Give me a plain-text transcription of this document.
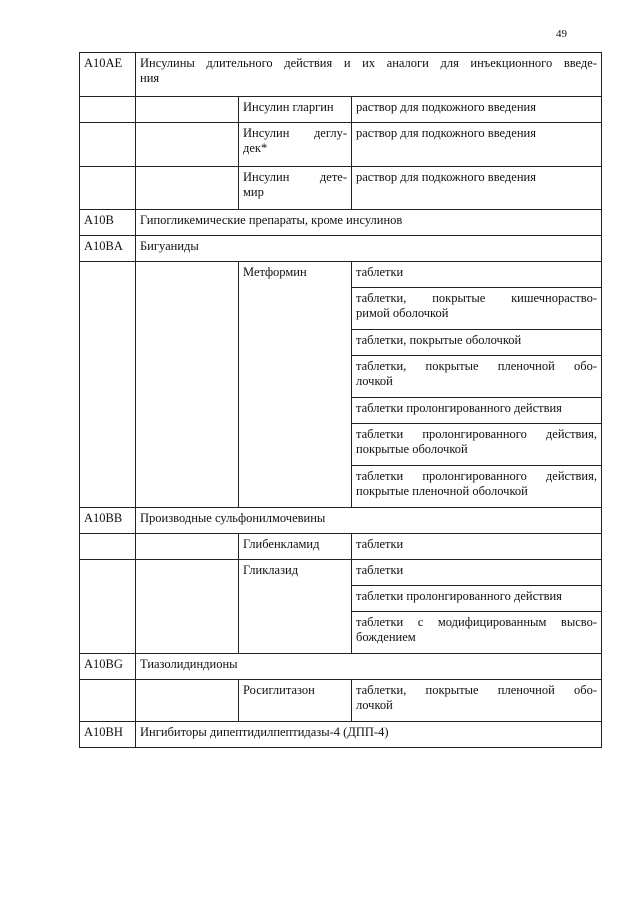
49
A10AE	Инсулины длительного действия и их аналоги для инъекционного введе-
ния		

		Инсулин гларгин	раствор для подкожного введения

		Инсулин деглу-
дек*	раствор для подкожного введения

		Инсулин дете-
мир	раствор для подкожного введения
A10B	Гипогликемические препараты, кроме инсулинов		
A10BA	Бигуаниды		
		Метформин	таблетки

			таблетки, покрытые кишечнораство-
римой оболочкой

			таблетки, покрытые оболочкой

			таблетки, покрытые пленочной обо-
лочкой

			таблетки пролонгированного действия

			таблетки пролонгированного действия,
покрытые оболочкой

			таблетки пролонгированного действия,
покрытые пленочной оболочкой

A10BB	Производные сульфонилмочевины		
		Глибенкламид	таблетки
		Гликлазид	таблетки
			таблетки пролонгированного действия

			таблетки с модифицированным высво-
бождением

A10BG	Тиазолидиндионы		
		Росиглитазон	таблетки, покрытые пленочной обо-
лочкой

A10BH	Ингибиторы дипептидилпептидазы-4 (ДПП-4)		
